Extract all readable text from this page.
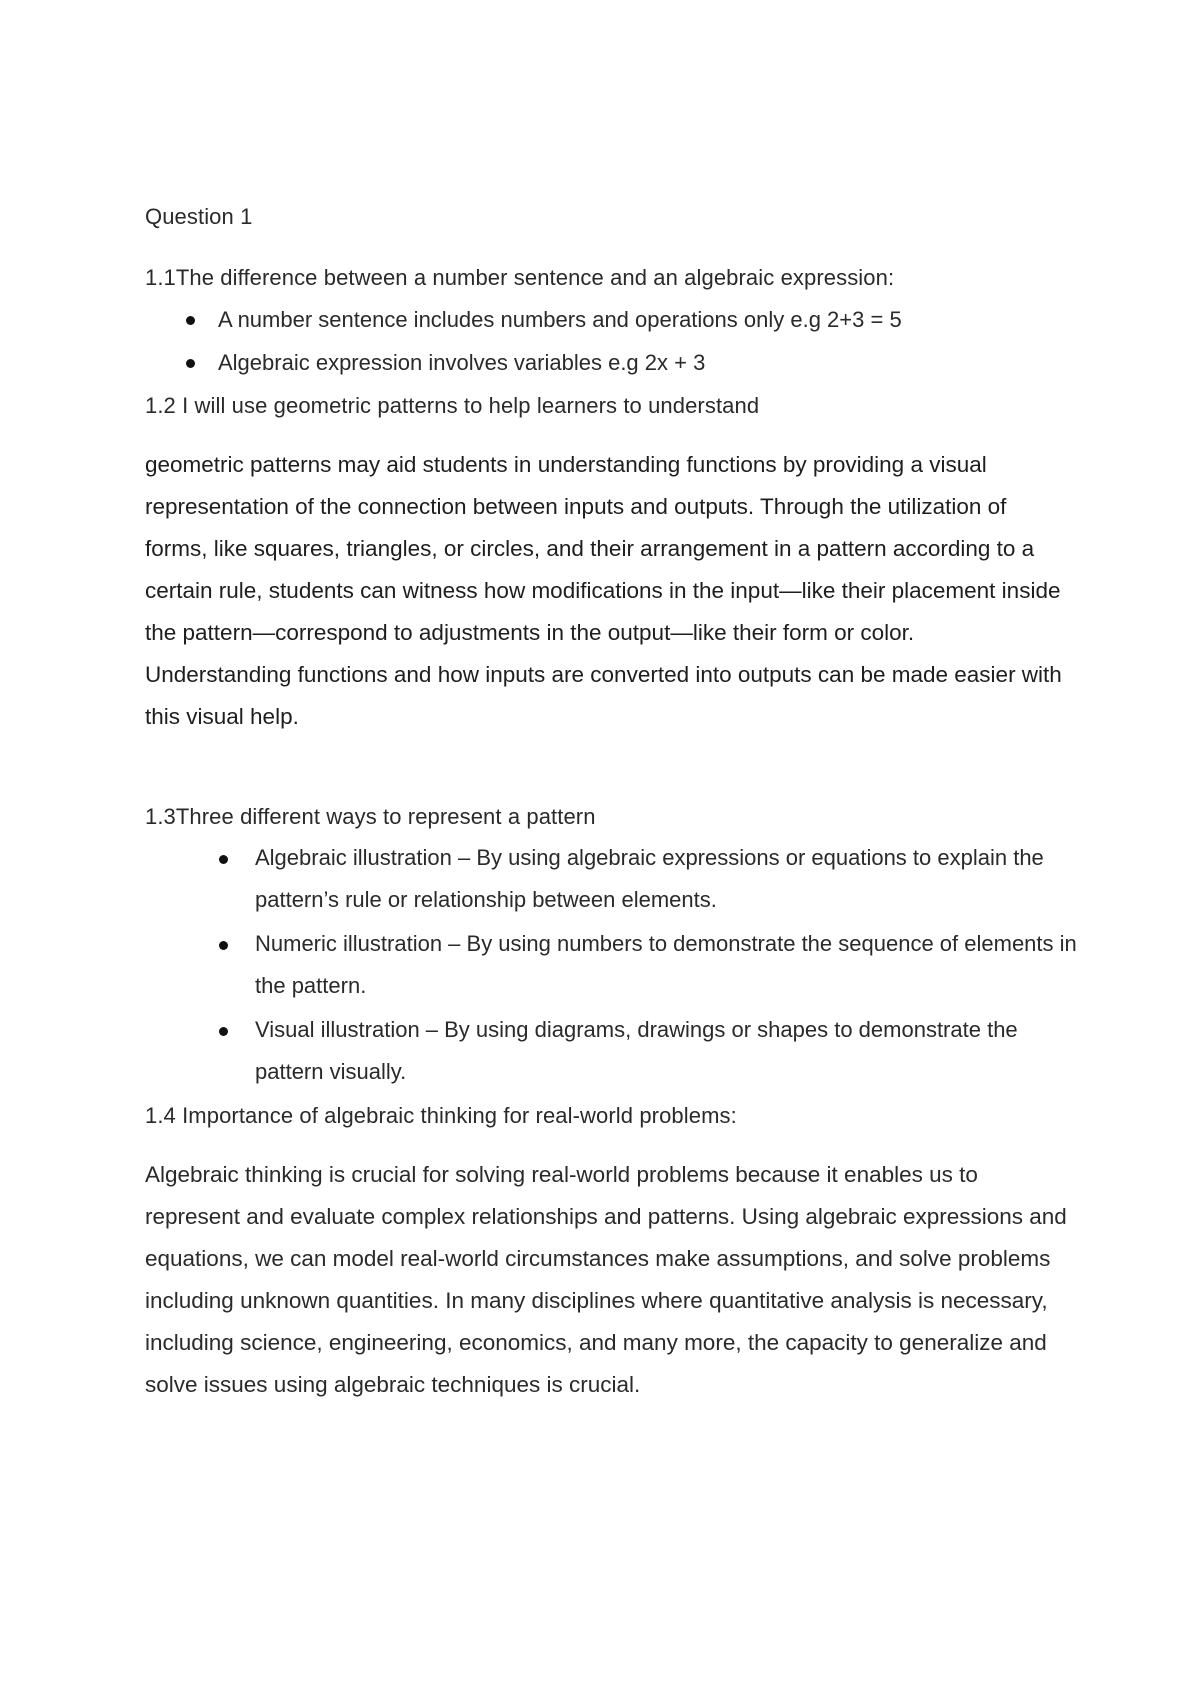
Question 1
1.1The difference between a number sentence and an algebraic expression:
A number sentence includes numbers and operations only e.g 2+3 = 5
Algebraic expression involves variables e.g 2x + 3
1.2 I will use geometric patterns to help learners to understand

geometric patterns may aid students in understanding functions by providing a visual representation of the connection between inputs and outputs. Through the utilization of forms, like squares, triangles, or circles, and their arrangement in a pattern according to a certain rule, students can witness how modifications in the input—like their placement inside the pattern—correspond to adjustments in the output—like their form or color. Understanding functions and how inputs are converted into outputs can be made easier with this visual help.

1.3Three different ways to represent a pattern

Algebraic illustration – By using algebraic expressions or equations to explain the pattern’s rule or relationship between elements.

Numeric illustration – By using numbers to demonstrate the sequence of elements in the pattern.

Visual illustration – By using diagrams, drawings or shapes to demonstrate the pattern visually.

1.4 Importance of algebraic thinking for real-world problems:

Algebraic thinking is crucial for solving real-world problems because it enables us to represent and evaluate complex relationships and patterns. Using algebraic expressions and equations, we can model real-world circumstances make assumptions, and solve problems including unknown quantities. In many disciplines where quantitative analysis is necessary, including science, engineering, economics, and many more, the capacity to generalize and solve issues using algebraic techniques is crucial.
